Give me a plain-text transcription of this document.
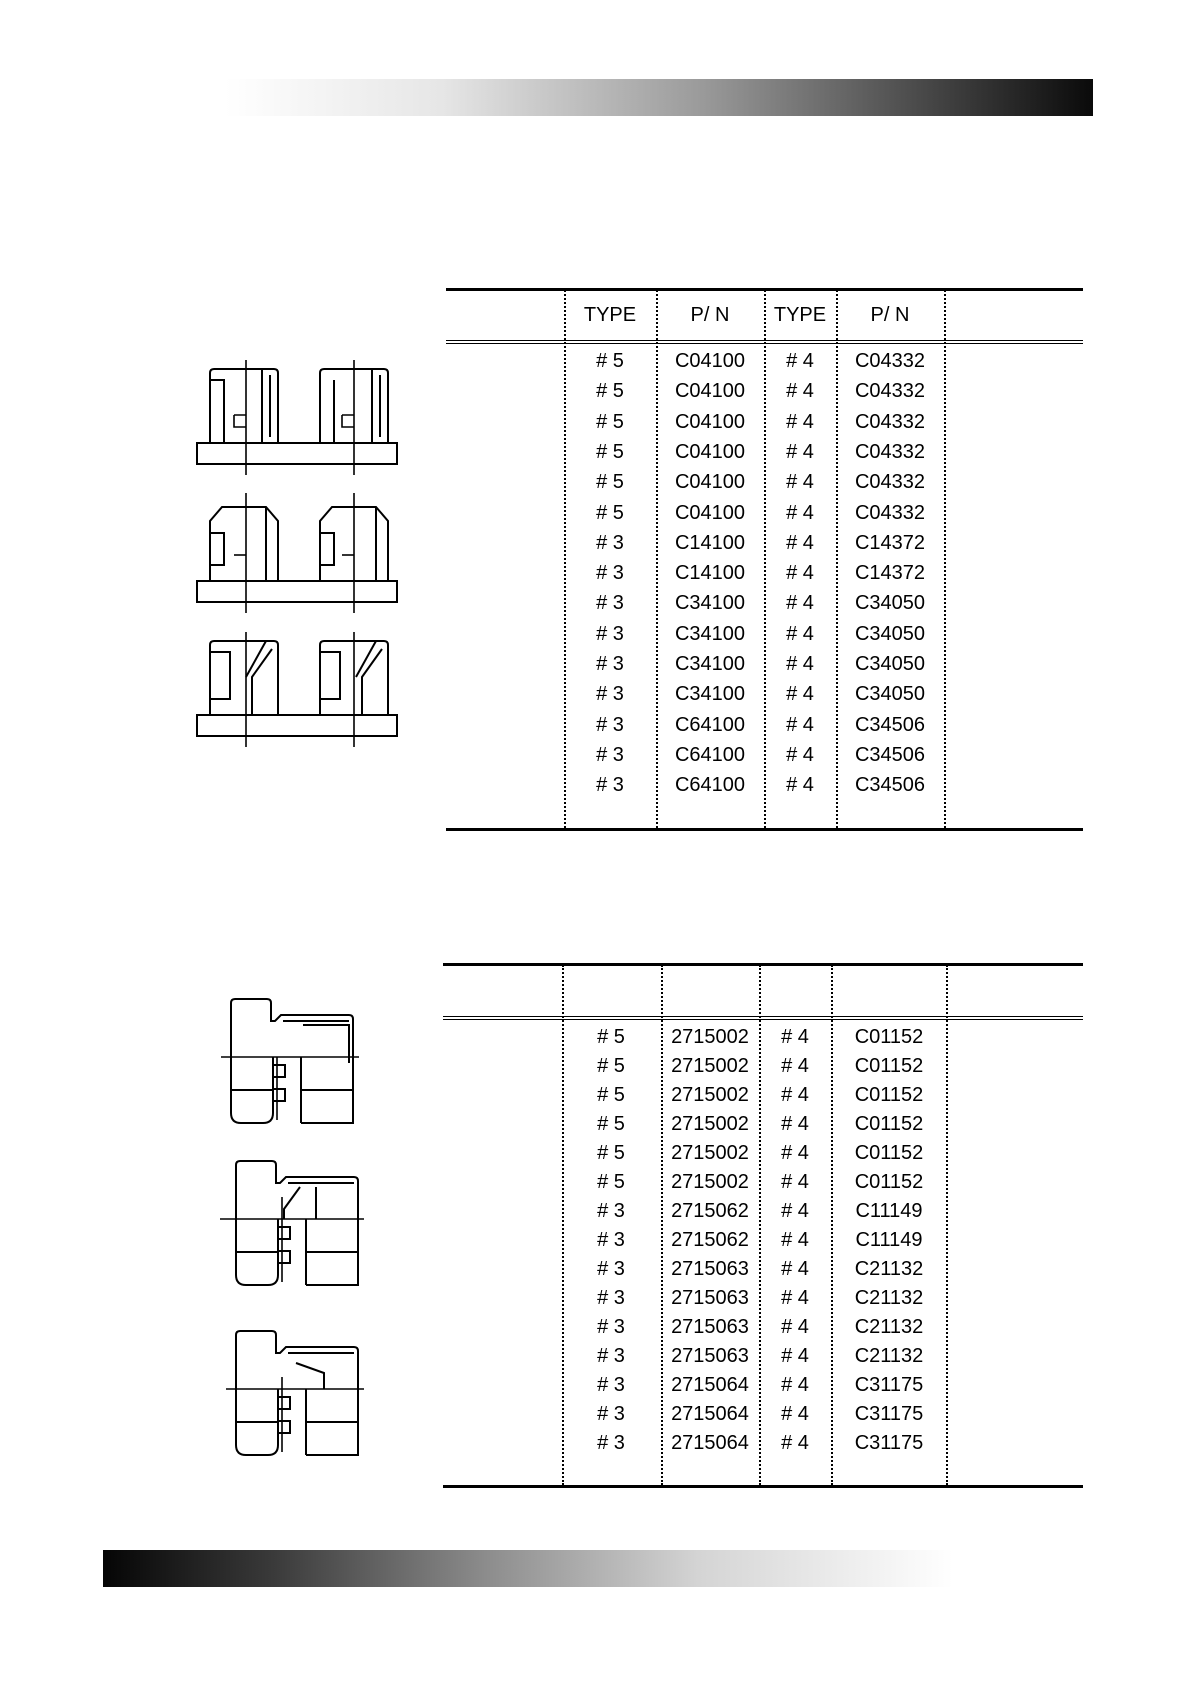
TYPE	P/ N TYPE P/ N
# 5	C04100 # 4 C04332
# 5	C04100 # 4 C04332
# 5	C04100 # 4 C04332
# 5	C04100 # 4 C04332
# 5	C04100 # 4 C04332
# 5	C04100 # 4 C04332
# 3	C14100 # 4 C14372
# 3	C14100 # 4 C14372
# 3	C34100 # 4 C34050
# 3	C34100 # 4 C34050
# 3	C34100 # 4 C34050
# 3	C34100 # 4 C34050
# 3	C64100 # 4 C34506
# 3	C64100 # 4 C34506
# 3	C64100 # 4 C34506
# 5 2715002 # 4 C01152
# 5 2715002 # 4 C01152
# 5 2715002 # 4 C01152
# 5 2715002 # 4 C01152
# 5 2715002 # 4 C01152
# 5 2715002 # 4 C01152
# 3 2715062 # 4 C11149
# 3 2715062 # 4 C11149
# 3 2715063 # 4 C21132
# 3 2715063 # 4 C21132
# 3 2715063 # 4 C21132
# 3 2715063 # 4 C21132
# 3 2715064 # 4 C31175
# 3 2715064 # 4 C31175
# 3 2715064 # 4 C31175
